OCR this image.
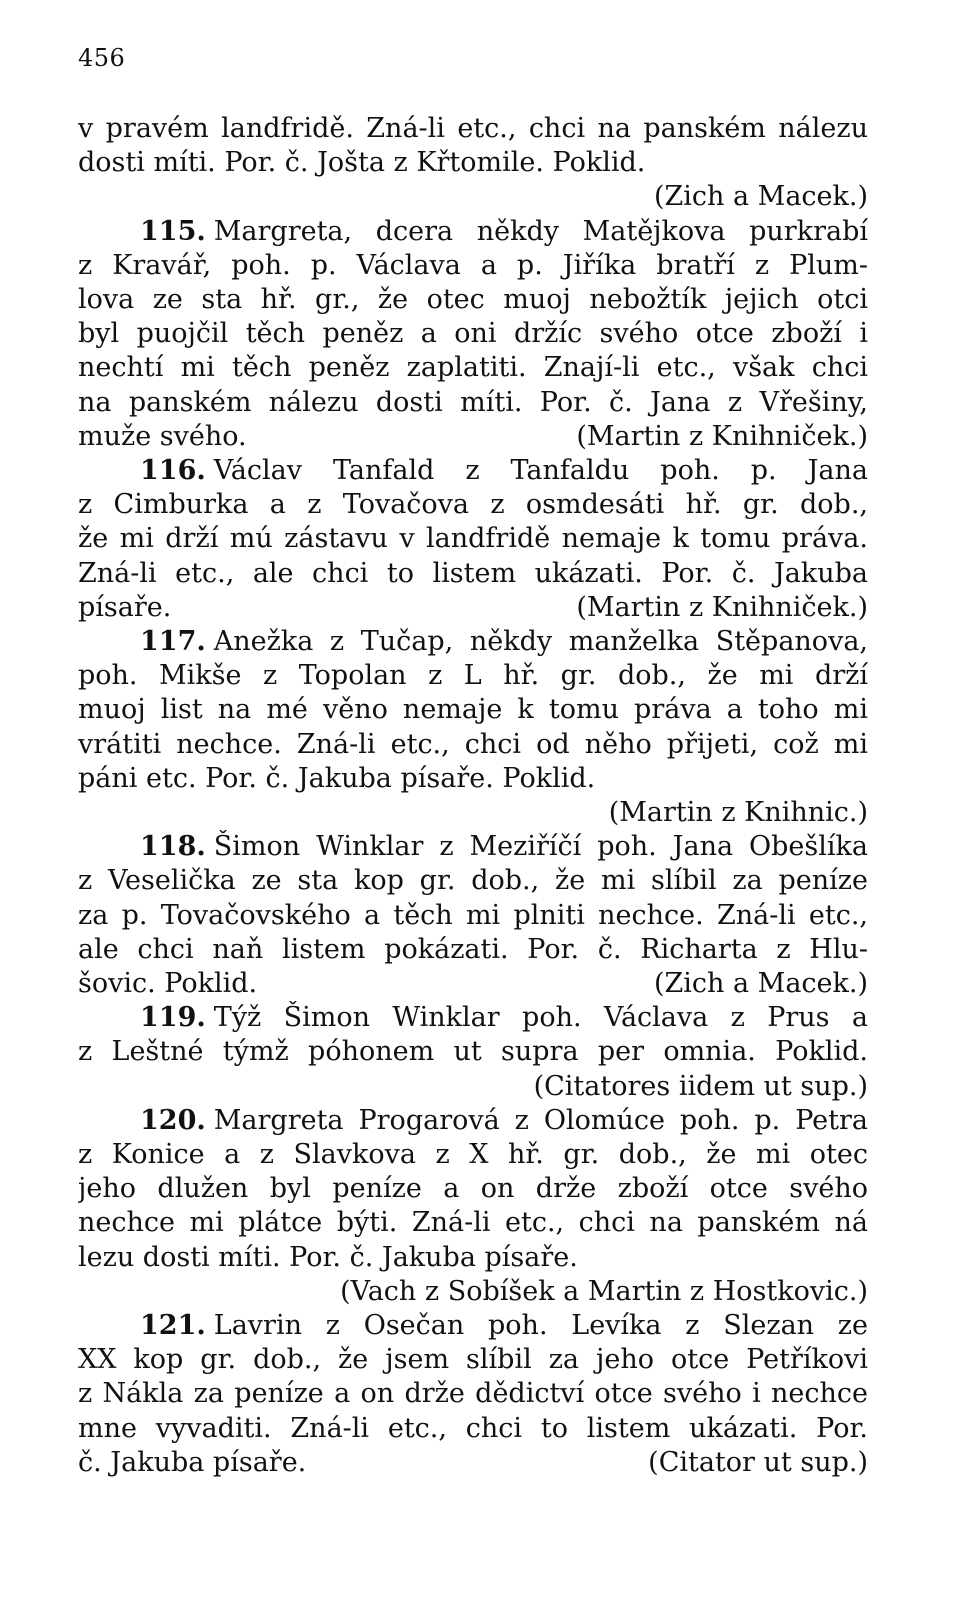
456
v pravém landfridě. Zná-li etc., chci na panském nálezu
dosti míti. Por. č. Jošta z Křtomile. Poklid.
(Zich a Macek.)
115. Margreta, dcera někdy Matějkova purkrabí
z Kravář, poh. p. Václava a p. Jiříka bratří z Plum-
lova ze sta hř. gr., že otec muoj nebožtík jejich otci
byl puojčil těch peněz a oni držíc svého otce zboží i
nechtí mi těch peněz zaplatiti. Znají-li etc., však chci
na panském nálezu dosti míti. Por. č. Jana z Vřešiny,
muže svého.	(Martin z Knihniček.)
116. Václav Tanfald z Tanfaldu poh. p. Jana
z Cimburka a z Tovačova z osmdesáti hř. gr. dob.,
že mi drží mú zástavu v landfridě nemaje k tomu práva.
Zná-li etc., ale chci to listem ukázati. Por. č. Jakuba
písaře.	(Martin z Knihniček.)
117. Anežka z Tučap, někdy manželka Stěpanova,
poh. Mikše z Topolan z L hř. gr. dob., že mi drží
muoj list na mé věno nemaje k tomu práva a toho mi
vrátiti nechce. Zná-li etc., chci od něho přijeti, což mi
páni etc. Por. č. Jakuba písaře. Poklid.
(Martin z Knihnic.)
118. Šimon Winklar z Meziříčí poh. Jana Obešlíka
z Veselička ze sta kop gr. dob., že mi slíbil za peníze
za p. Tovačovského a těch mi plniti nechce. Zná-li etc.,
ale chci naň listem pokázati. Por. č. Richarta z Hlu-
šovic. Poklid.	(Zich a Macek.)
119. Týž Šimon Winklar poh. Václava z Prus a
z Leštné týmž póhonem ut supra per omnia. Poklid.
(Citatores iidem ut sup.)
120. Margreta Progarová z Olomúce poh. p. Petra
z Konice a z Slavkova z X hř. gr. dob., že mi otec
jeho dlužen byl peníze a on drže zboží otce svého
nechce mi plátce býti. Zná-li etc., chci na panském ná
lezu dosti míti. Por. č. Jakuba písaře.
(Vach z Sobíšek a Martin z Hostkovic.)
121. Lavrin z Osečan poh. Levíka z Slezan ze
XX kop gr. dob., že jsem slíbil za jeho otce Petříkovi
z Nákla za peníze a on drže dědictví otce svého i nechce
mne vyvaditi. Zná-li etc., chci to listem ukázati. Por.
č. Jakuba písaře.	(Citator ut sup.)
